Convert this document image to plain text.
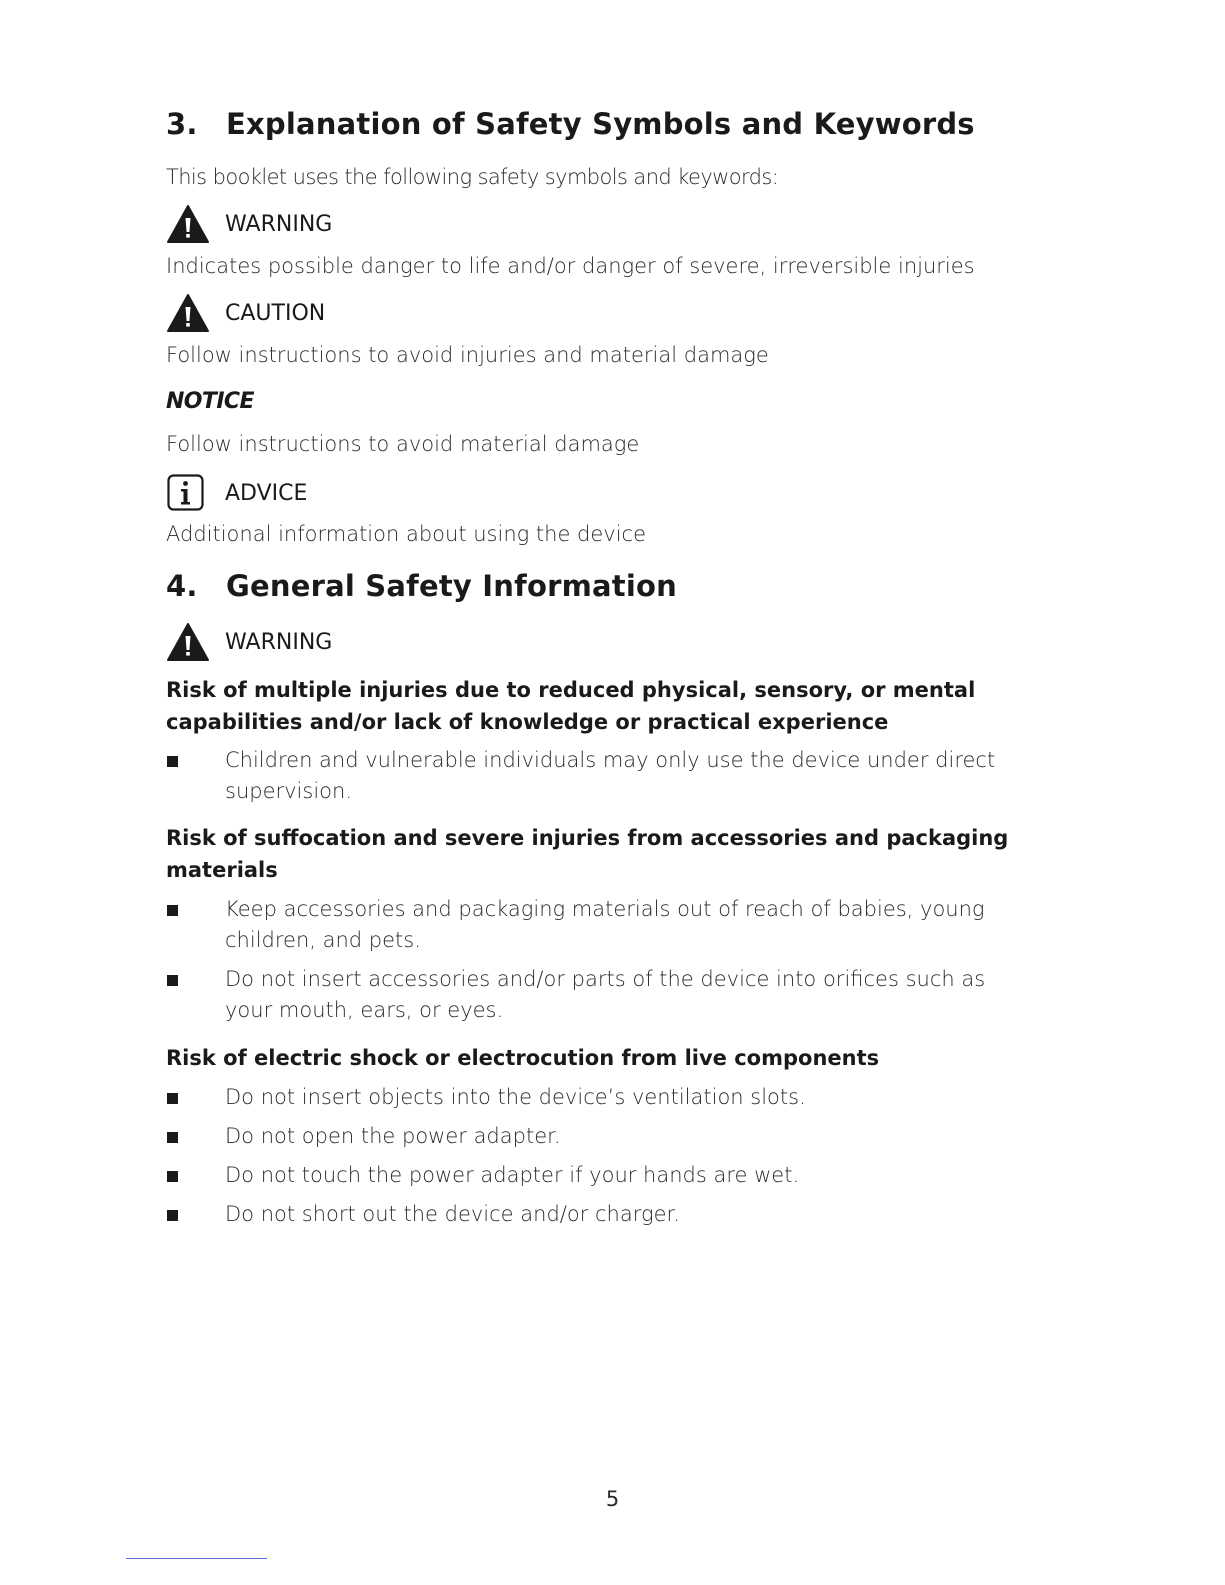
3. Explanation of Safety Symbols and Keywords

This booklet uses the following safety symbols and keywords:

WARNING

Indicates possible danger to life and/or danger of severe, irreversible injuries

CAUTION

Follow instructions to avoid injuries and material damage

NOTICE

Follow instructions to avoid material damage

ADVICE

Additional information about using the device

4. General Safety Information
WARNING

Risk of multiple injuries due to reduced physical, sensory, or mental capabilities and/or lack of knowledge or practical experience

Children and vulnerable individuals may only use the device under direct supervision.

Risk of suffocation and severe injuries from accessories and packaging materials

Keep accessories and packaging materials out of reach of babies, young children, and pets.
Do not insert accessories and/or parts of the device into orifices such as your mouth, ears, or eyes.

Risk of electric shock or electrocution from live components

Do not insert objects into the device’s ventilation slots.
Do not open the power adapter.
Do not touch the power adapter if your hands are wet.
Do not short out the device and/or charger.
5
